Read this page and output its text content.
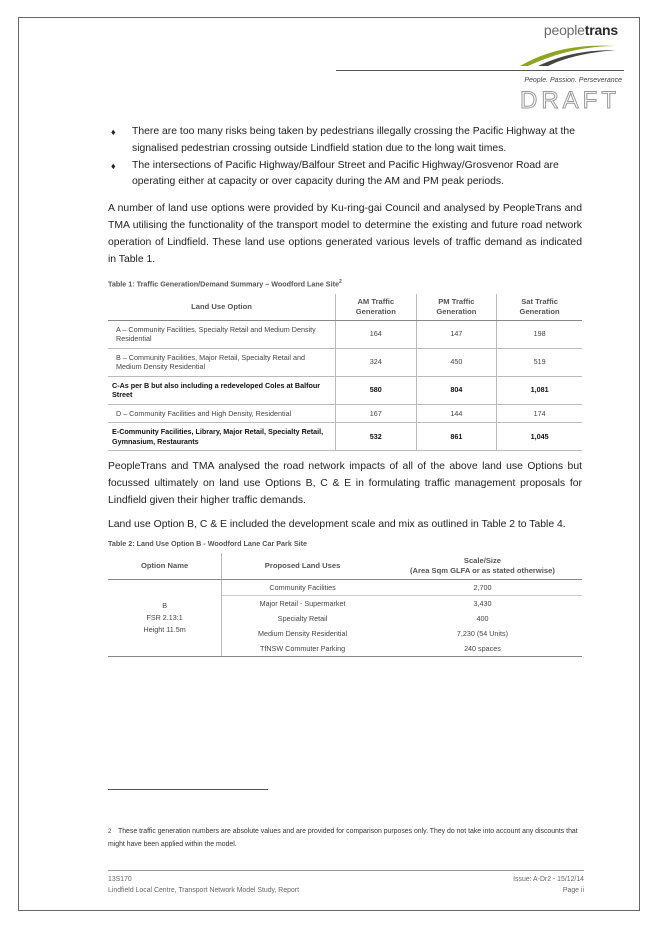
peopletrans
People. Passion. Perseverance
DRAFT
♦ There are too many risks being taken by pedestrians illegally crossing the Pacific Highway at the signalised pedestrian crossing outside Lindfield station due to the long wait times.
♦ The intersections of Pacific Highway/Balfour Street and Pacific Highway/Grosvenor Road are operating either at capacity or over capacity during the AM and PM peak periods.

A number of land use options were provided by Ku-ring-gai Council and analysed by PeopleTrans and TMA utilising the functionality of the transport model to determine the existing and future road network operation of Lindfield. These land use options generated various levels of traffic demand as indicated in Table 1.

Table 1: Traffic Generation/Demand Summary – Woodford Lane Site$^2$
Land Use Option	AM Traffic Generation	PM Traffic Generation	Sat Traffic Generation
A – Community Facilities, Specialty Retail and Medium Density Residential	164	147	198
B – Community Facilities, Major Retail, Specialty Retail and Medium Density Residential	324	450	519
C-As per B but also including a redeveloped Coles at Balfour Street	580	804	1,081
D – Community Facilities and High Density, Residential	167	144	174
E-Community Facilities, Library, Major Retail, Specialty Retail, Gymnasium, Restaurants	532	861	1,045

PeopleTrans and TMA analysed the road network impacts of all of the above land use Options but focussed ultimately on land use Options B, C & E in formulating traffic management proposals for Lindfield given their higher traffic demands.

Land use Option B, C & E included the development scale and mix as outlined in Table 2 to Table 4.

Table 2: Land Use Option B - Woodford Lane Car Park Site
Option Name	Proposed Land Uses	Scale/Size
(Area Sqm GLFA or as stated otherwise)

B
FSR 2.13:1
Height 11.5m	Community Facilities	2,700
	Major Retail - Supermarket	3,430
	Specialty Retail	400
	Medium Density Residential	7,230 (54 Units)
	TfNSW Commuter Parking	240 spaces
2 These traffic generation numbers are absolute values and are provided for comparison purposes only. They do not take into account any discounts that might have been applied within the model.
13S170
Lindfield Local Centre, Transport Network Model Study, Report
Issue: A-Dr2 - 15/12/14
Page ii
